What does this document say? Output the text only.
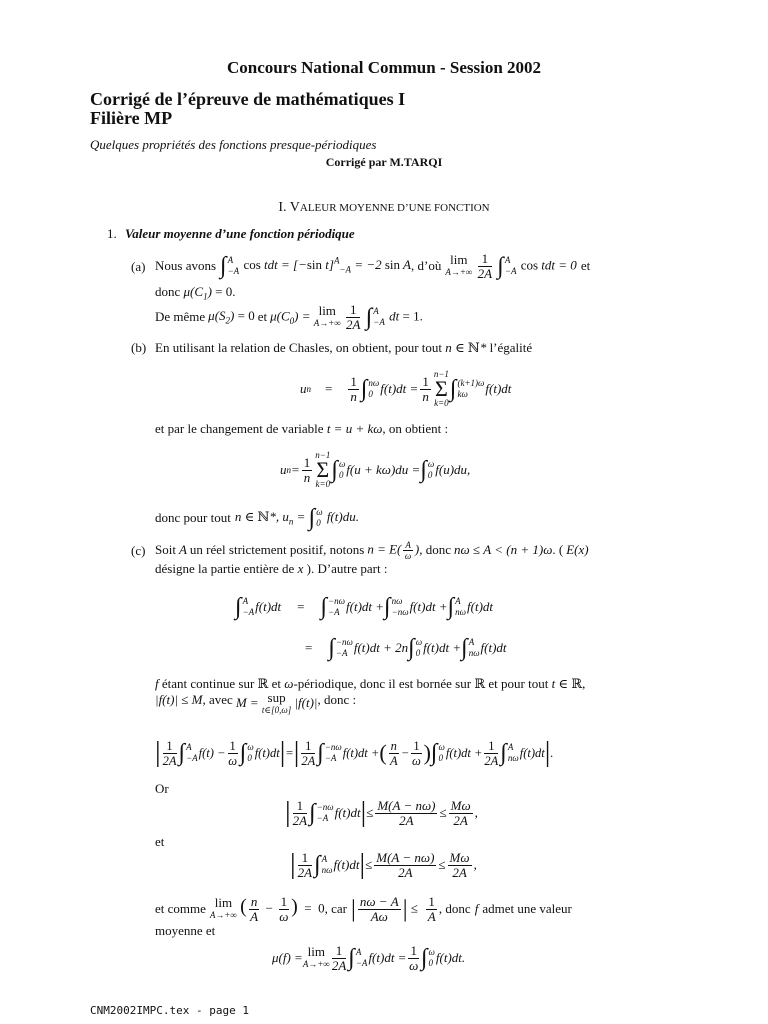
Concours National Commun - Session 2002
Corrigé de l’épreuve de mathématiques I
Filière MP
Quelques propriétés des fonctions presque-périodiques
Corrigé par M.TARQI
I. VALEUR MOYENNE D’UNE FONCTION
1. Valeur moyenne d’une fonction périodique
(a) Nous avons ∫ A
−A cos tdt = [−sin t]$^A_{-A}$ = −2 sin A , d’où lim
A→+∞
$\frac{1}{2A}$ ∫ A
−A cos tdt = 0 et
donc $\mu(C_1) = 0$.
De même $\mu(S_2) = 0$ et $\mu(C_0) = \lim$
A→+∞
$\frac{1}{2A}$ ∫ A
−A dt = 1.
(b) En utilisant la relation de Chasles, on obtient, pour tout n ∈ ℕ* l’égalité
u $n = \frac{1}{n}$ ∫ nω
0 $f(t)dt = \frac{1}{n}$
n−1
Σ
k=0
∫ (k+1)ω
kω	f(t)dt
et par le changement de variable t = u + kω, on obtient :
u $n = \frac{1}{n}$
n−1
Σ
k=0
∫ ω
0 f(u + kω)du = ∫ ω
0 f(u)du,
donc pour tout n ∈ ℕ*, $u_n$ = ∫ ω
0 f(t)du.
(c) Soit A un réel strictement positif, notons $n = E( \frac{A}{\omega}$ ) , donc nω ≤ A < (n + 1)ω . ( E(x)
désigne la partie entière de x ). D’autre part :
∫ A
−A f(t)dt = ∫ −nω
−A f(t)dt + ∫ nω
−nω f(t)dt + ∫ A
nω f(t)dt
= ∫ −nω
−A f(t)dt + 2n ∫ ω
0 f(t)dt + ∫ A
nω f(t)dt
f étant continue sur ℝ et ω-périodique, donc il est bornée sur ℝ et pour tout t ∈ ℝ,
|f(t)| ≤ M , avec M = sup
t∈[0,ω]
|f(t)| , donc :
| $\frac{1}{2A}$ ∫ A
−A $f(t) - \frac{1}{\omega}$ ∫ ω
0 f(t)dt | = | $\frac{1}{2A}$ ∫ −nω
−A f(t)dt + ( $\frac{n}{A} - \frac{1}{\omega}$ ) ∫ ω
0 $f(t)dt + \frac{1}{2A}$ ∫ A
nω f(t)dt | .
Or
| $\frac{1}{2A}$ ∫ −nω
−A f(t)dt | ≤ $\frac{M(A - n\omega)}{2A} \le \frac{M\omega}{2A}$ ,
et
| $\frac{1}{2A}$ ∫ A
nω f(t)dt | ≤ $\frac{M(A - n\omega)}{2A} \le \frac{M\omega}{2A}$ ,
et comme lim
A→+∞ ( $\frac{n}{A} - \frac{1}{\omega}$ )  =  0 , car | $\frac{n\omega - A}{A\omega}$ | ≤ $\frac{1}{A}$ , donc f admet une valeur
moyenne et
μ(f) = lim
$A\to+\infty \frac{1}{2A}$ ∫ A
−A $f(t)dt = \frac{1}{\omega}$ ∫ ω
0 f(t)dt.
CNM2002IMPC.tex - page 1
